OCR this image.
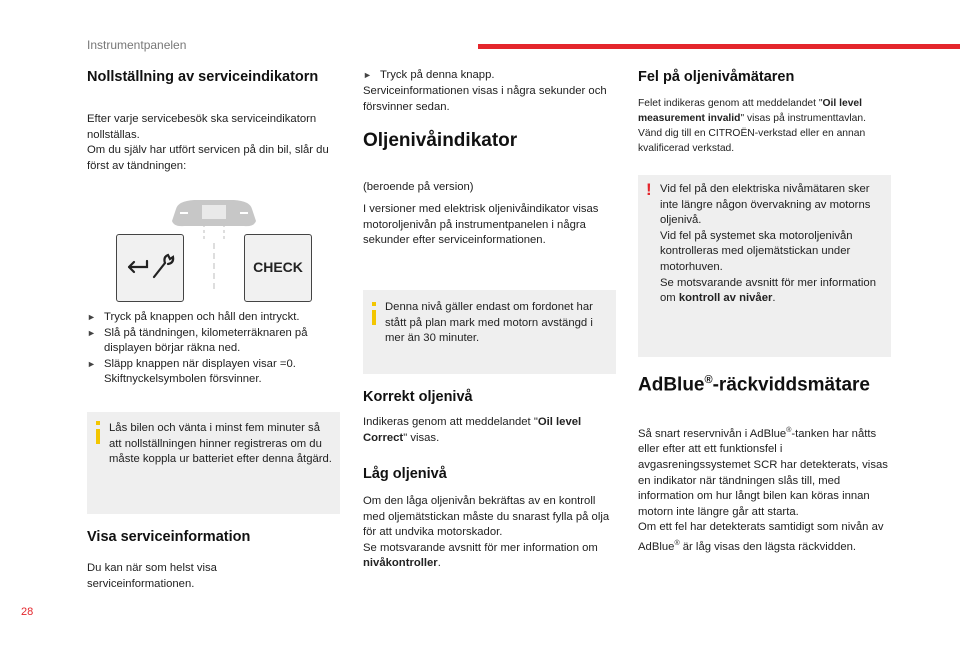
Instrumentpanelen
Nollställning av serviceindikatorn

Efter varje servicebesök ska serviceindikatorn nollställas.

Om du själv har utfört servicen på din bil, slår du först av tändningen:

CHECK
► Tryck på knappen och håll den intryckt.
► Slå på tändningen, kilometerräknaren på displayen börjar räkna ned.
► Släpp knappen när displayen visar =0. Skiftnyckelsymbolen försvinner.
Lås bilen och vänta i minst fem minuter så att nollställningen hinner registreras om du måste koppla ur batteriet efter denna åtgärd.
Visa serviceinformation

Du kan när som helst visa serviceinformationen.

► Tryck på denna knapp.

Serviceinformationen visas i några sekunder och försvinner sedan.

Oljenivåindikator

(beroende på version)

I versioner med elektrisk oljenivåindikator visas motoroljenivån på instrumentpanelen i några sekunder efter serviceinformationen.

Denna nivå gäller endast om fordonet har stått på plan mark med motorn avstängd i mer än 30 minuter.
Korrekt oljenivå

Indikeras genom att meddelandet "Oil level Correct" visas.

Låg oljenivå

Om den låga oljenivån bekräftas av en kontroll med oljemätstickan måste du snarast fylla på olja för att undvika motorskador.

Se motsvarande avsnitt för mer information om nivåkontroller.

Fel på oljenivåmätaren

Felet indikeras genom att meddelandet "Oil level measurement invalid" visas på instrumenttavlan. Vänd dig till en CITROËN-verkstad eller en annan kvalificerad verkstad.

! Vid fel på den elektriska nivåmätaren sker inte längre någon övervakning av motorns oljenivå.
Vid fel på systemet ska motoroljenivån kontrolleras med oljemätstickan under motorhuven.
Se motsvarande avsnitt för mer information om kontroll av nivåer.
AdBlue®-räckviddsmätare

Så snart reservnivån i AdBlue®-tanken har nåtts eller efter att ett funktionsfel i avgasreningssystemet SCR har detekterats, visas en indikator när tändningen slås till, med information om hur långt bilen kan köras innan motorn inte längre går att starta.

Om ett fel har detekterats samtidigt som nivån av AdBlue® är låg visas den lägsta räckvidden.

28
